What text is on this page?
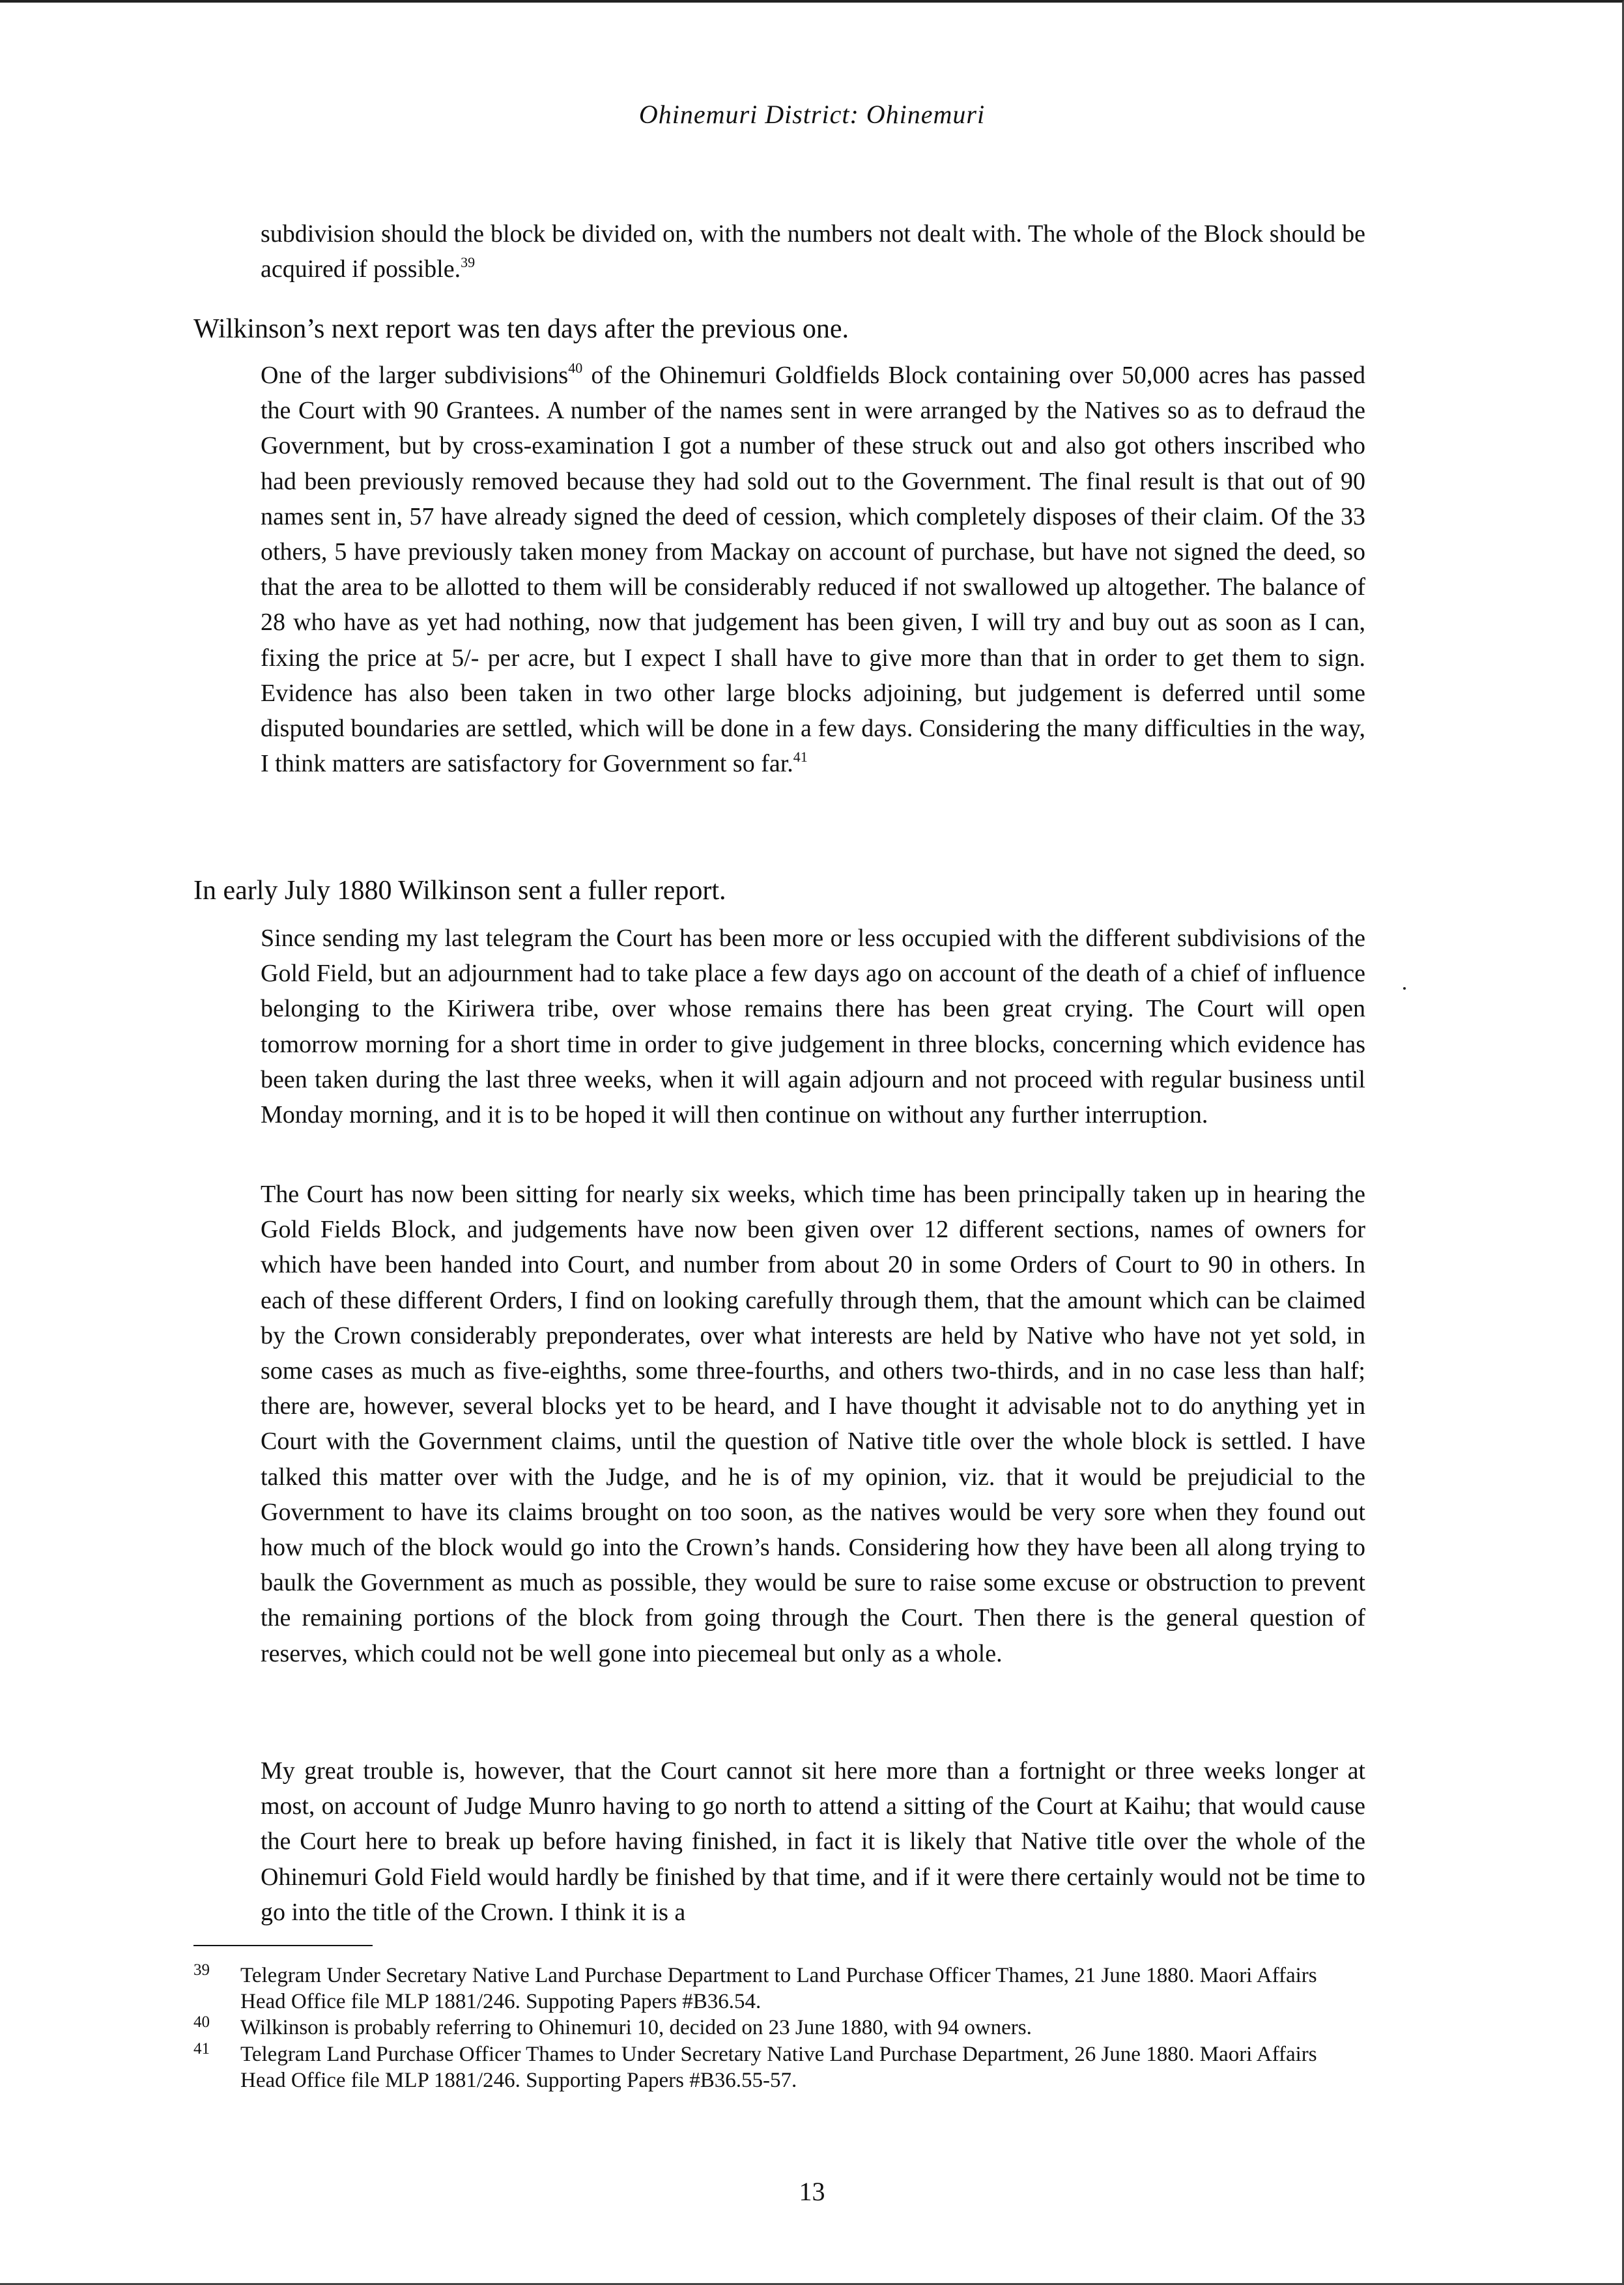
Ohinemuri District: Ohinemuri

subdivision should the block be divided on, with the numbers not dealt with. The whole of the Block should be acquired if possible.$^{39}$

Wilkinson’s next report was ten days after the previous one.

One of the larger subdivisions$^{40}$ of the Ohinemuri Goldfields Block containing over 50,000 acres has passed the Court with 90 Grantees. A number of the names sent in were arranged by the Natives so as to defraud the Government, but by cross-examination I got a number of these struck out and also got others inscribed who had been previously removed because they had sold out to the Government. The final result is that out of 90 names sent in, 57 have already signed the deed of cession, which completely disposes of their claim. Of the 33 others, 5 have previously taken money from Mackay on account of purchase, but have not signed the deed, so that the area to be allotted to them will be considerably reduced if not swallowed up altogether. The balance of 28 who have as yet had nothing, now that judgement has been given, I will try and buy out as soon as I can, fixing the price at 5/- per acre, but I expect I shall have to give more than that in order to get them to sign. Evidence has also been taken in two other large blocks adjoining, but judgement is deferred until some disputed boundaries are settled, which will be done in a few days. Considering the many difficulties in the way, I think matters are satisfactory for Government so far.$^{41}$

In early July 1880 Wilkinson sent a fuller report.

Since sending my last telegram the Court has been more or less occupied with the different subdivisions of the Gold Field, but an adjournment had to take place a few days ago on account of the death of a chief of influence belonging to the Kiriwera tribe, over whose remains there has been great crying. The Court will open tomorrow morning for a short time in order to give judgement in three blocks, concerning which evidence has been taken during the last three weeks, when it will again adjourn and not proceed with regular business until Monday morning, and it is to be hoped it will then continue on without any further interruption.

The Court has now been sitting for nearly six weeks, which time has been principally taken up in hearing the Gold Fields Block, and judgements have now been given over 12 different sections, names of owners for which have been handed into Court, and number from about 20 in some Orders of Court to 90 in others. In each of these different Orders, I find on looking carefully through them, that the amount which can be claimed by the Crown considerably preponderates, over what interests are held by Native who have not yet sold, in some cases as much as five-eighths, some three-fourths, and others two-thirds, and in no case less than half; there are, however, several blocks yet to be heard, and I have thought it advisable not to do anything yet in Court with the Government claims, until the question of Native title over the whole block is settled. I have talked this matter over with the Judge, and he is of my opinion, viz. that it would be prejudicial to the Government to have its claims brought on too soon, as the natives would be very sore when they found out how much of the block would go into the Crown’s hands. Considering how they have been all along trying to baulk the Government as much as possible, they would be sure to raise some excuse or obstruction to prevent the remaining portions of the block from going through the Court. Then there is the general question of reserves, which could not be well gone into piecemeal but only as a whole.

My great trouble is, however, that the Court cannot sit here more than a fortnight or three weeks longer at most, on account of Judge Munro having to go north to attend a sitting of the Court at Kaihu; that would cause the Court here to break up before having finished, in fact it is likely that Native title over the whole of the Ohinemuri Gold Field would hardly be finished by that time, and if it were there certainly would not be time to go into the title of the Crown. I think it is a

39 Telegram Under Secretary Native Land Purchase Department to Land Purchase Officer Thames, 21 June 1880. Maori Affairs Head Office file MLP 1881/246. Suppoting Papers #B36.54.
40 Wilkinson is probably referring to Ohinemuri 10, decided on 23 June 1880, with 94 owners.
41 Telegram Land Purchase Officer Thames to Under Secretary Native Land Purchase Department, 26 June 1880. Maori Affairs Head Office file MLP 1881/246. Supporting Papers #B36.55-57.
13
